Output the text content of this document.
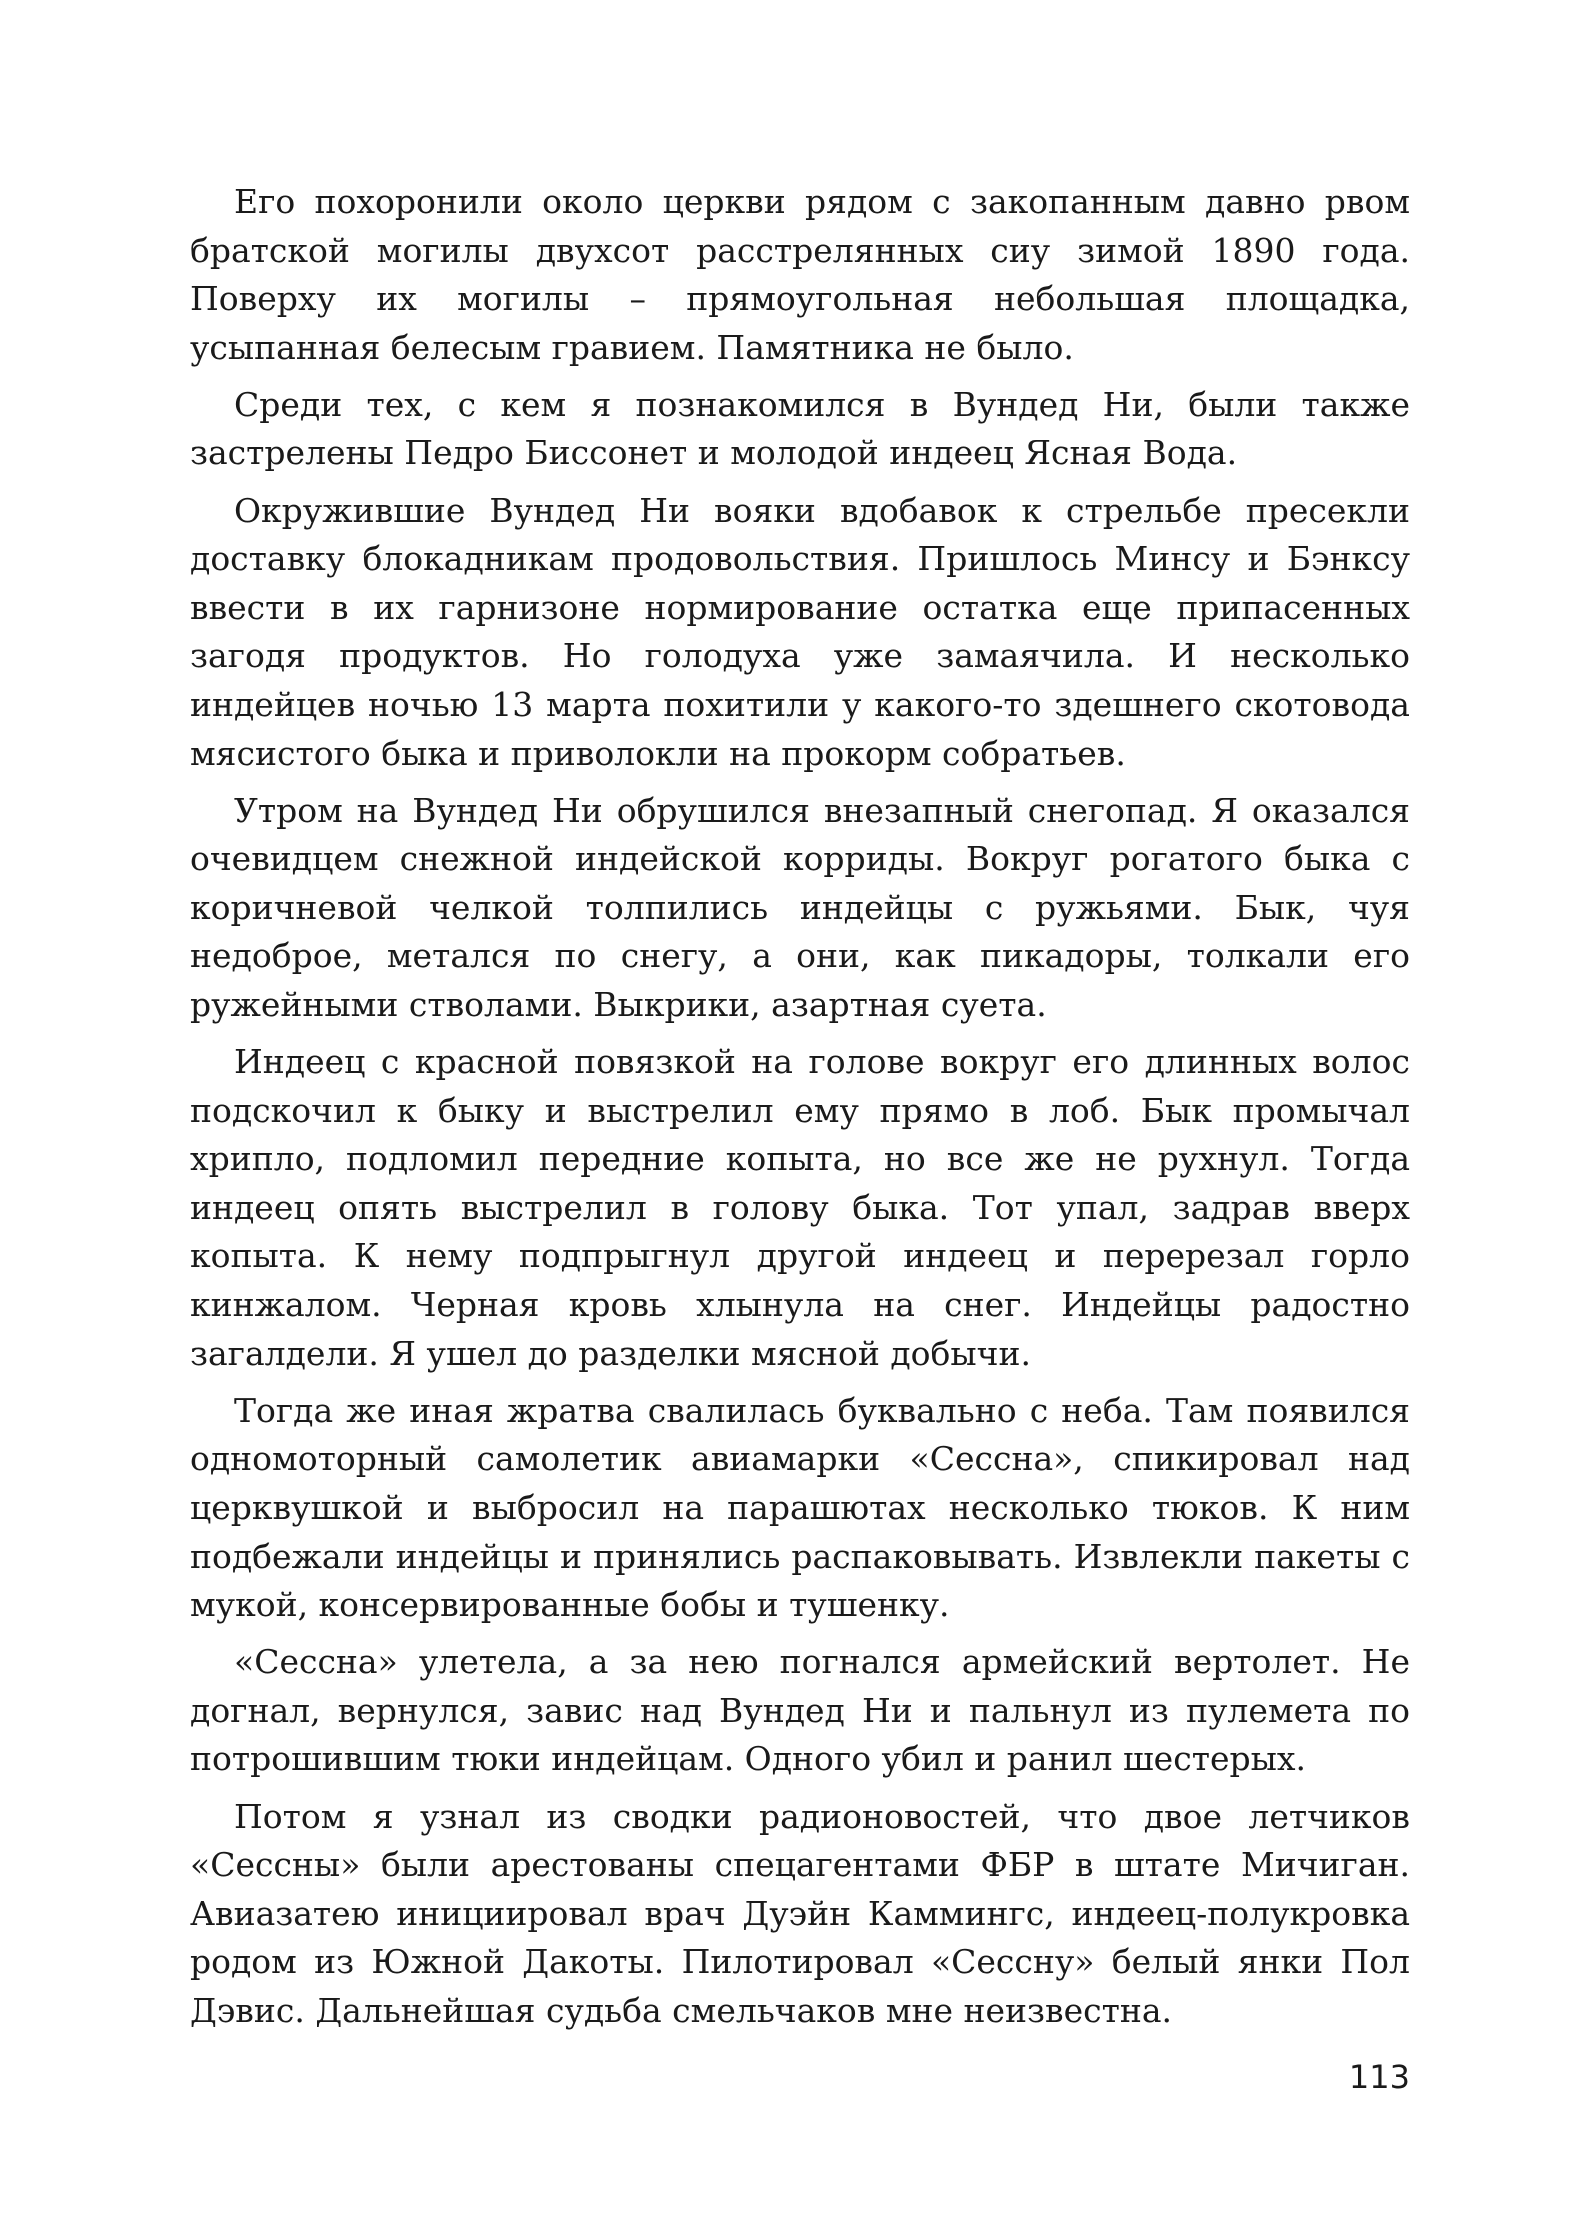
Его похоронили около церкви рядом с закопанным давно рвом братской могилы двухсот расстрелянных сиу зимой 1890 года. Поверху их могилы – прямоугольная небольшая площадка, усыпанная белесым гравием. Памятника не было.

Среди тех, с кем я познакомился в Вундед Ни, были также застрелены Педро Биссонет и молодой индеец Ясная Вода.

Окружившие Вундед Ни вояки вдобавок к стрельбе пресекли доставку блокадникам продовольствия. Пришлось Минсу и Бэнксу ввести в их гарнизоне нормирование остатка еще припасенных загодя продуктов. Но голодуха уже замаячила. И несколько индейцев ночью 13 марта похитили у какого-то здешнего скотовода мясистого быка и приволокли на прокорм собратьев.

Утром на Вундед Ни обрушился внезапный снегопад. Я оказался очевидцем снежной индейской корриды. Вокруг рогатого быка с коричневой челкой толпились индейцы с ружьями. Бык, чуя недоброе, метался по снегу, а они, как пикадоры, толкали его ружейными стволами. Выкрики, азартная суета.

Индеец с красной повязкой на голове вокруг его длинных волос подскочил к быку и выстрелил ему прямо в лоб. Бык промычал хрипло, подломил передние копыта, но все же не рухнул. Тогда индеец опять выстрелил в голову быка. Тот упал, задрав вверх копыта. К нему подпрыгнул другой индеец и перерезал горло кинжалом. Черная кровь хлынула на снег. Индейцы радостно загалдели. Я ушел до разделки мясной добычи.

Тогда же иная жратва свалилась буквально с неба. Там появился одномоторный самолетик авиамарки «Сессна», спикировал над церквушкой и выбросил на парашютах несколько тюков. К ним подбежали индейцы и принялись распаковывать. Извлекли пакеты с мукой, консервированные бобы и тушенку.

«Сессна» улетела, а за нею погнался армейский вертолет. Не догнал, вернулся, завис над Вундед Ни и пальнул из пулемета по потрошившим тюки индейцам. Одного убил и ранил шестерых.

Потом я узнал из сводки радионовостей, что двое летчиков «Сессны» были арестованы спецагентами ФБР в штате Мичиган. Авиазатею инициировал врач Дуэйн Каммингс, индеец-полукровка родом из Южной Дакоты. Пилотировал «Сессну» белый янки Пол Дэвис. Дальнейшая судьба смельчаков мне неизвестна.

113
